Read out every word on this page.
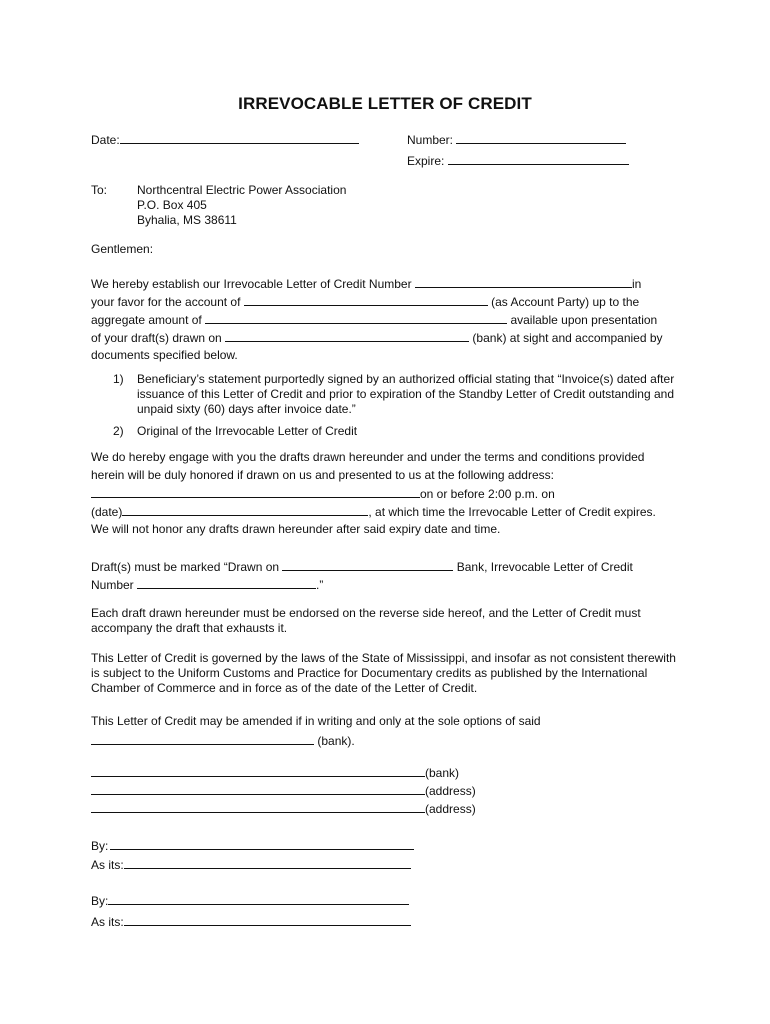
IRREVOCABLE LETTER OF CREDIT
Date:	Number:
Expire:
To: Northcentral Electric Power Association
P.O. Box 405
Byhalia, MS 38611
Gentlemen:
We hereby establish our Irrevocable Letter of Credit Number	in
your favor for the account of	(as Account Party) up to the
aggregate amount of	available upon presentation
of your draft(s) drawn on	(bank) at sight and accompanied by
documents specified below.
1) Beneficiary’s statement purportedly signed by an authorized official stating that “Invoice(s) dated after issuance of this Letter of Credit and prior to expiration of the Standby Letter of Credit outstanding and unpaid sixty (60) days after invoice date.”
2) Original of the Irrevocable Letter of Credit
We do hereby engage with you the drafts drawn hereunder and under the terms and conditions provided
herein will be duly honored if drawn on us and presented to us at the following address:
on or before 2:00 p.m. on
(date)	, at which time the Irrevocable Letter of Credit expires.
We will not honor any drafts drawn hereunder after said expiry date and time.
Draft(s) must be marked “Drawn on	Bank, Irrevocable Letter of Credit
Number	.”
Each draft drawn hereunder must be endorsed on the reverse side hereof, and the Letter of Credit must accompany the draft that exhausts it.
This Letter of Credit is governed by the laws of the State of Mississippi, and insofar as not consistent therewith is subject to the Uniform Customs and Practice for Documentary credits as published by the International Chamber of Commerce and in force as of the date of the Letter of Credit.
This Letter of Credit may be amended if in writing and only at the sole options of said
(bank).
(bank)
(address)
(address)
By:
As its:
By:
As its:
